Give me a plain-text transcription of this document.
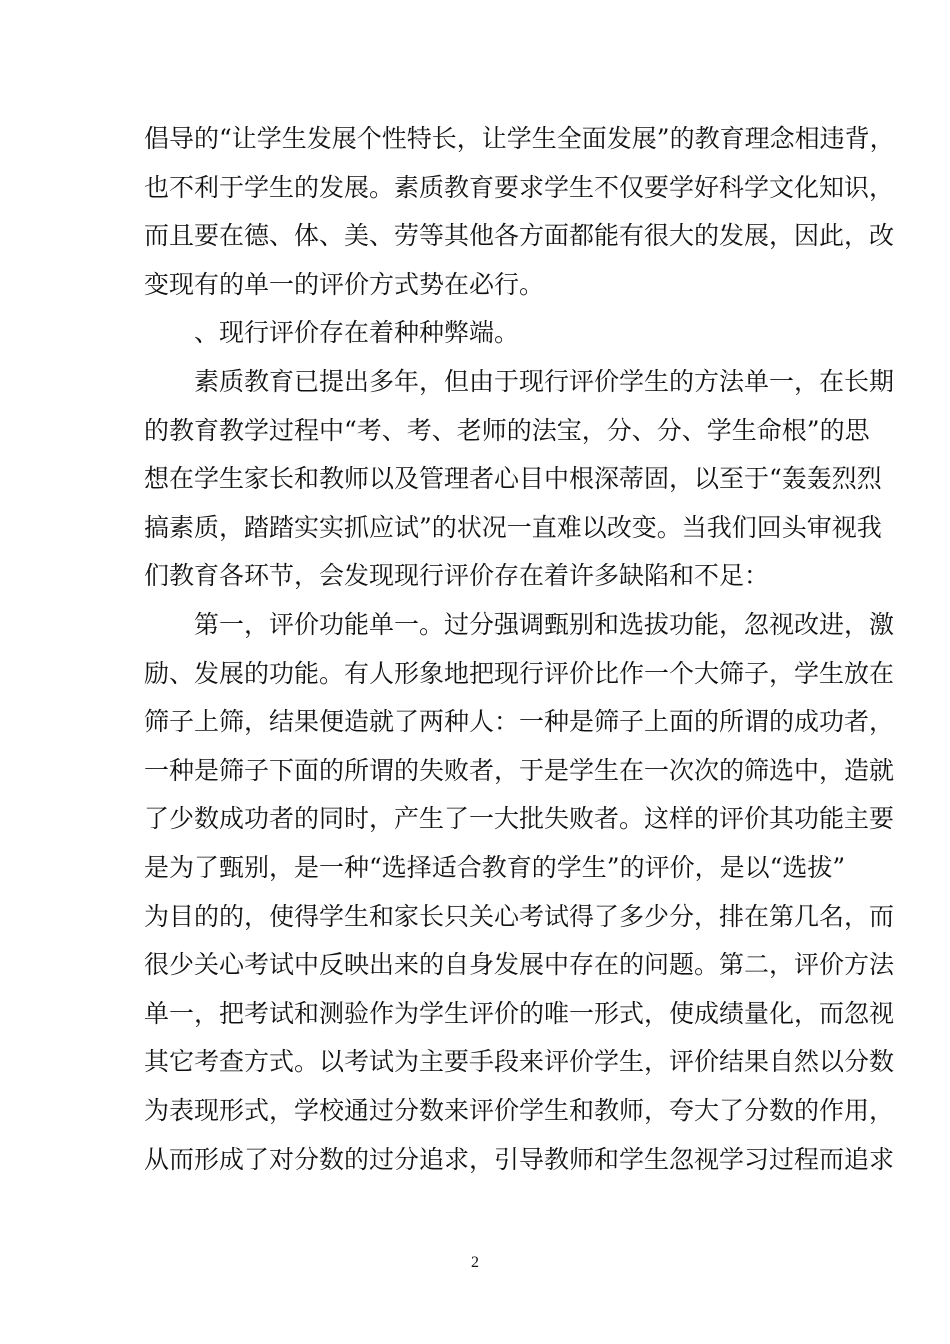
倡导的“让学生发展个性特长，让学生全面发展”的教育理念相违背，
也不利于学生的发展。素质教育要求学生不仅要学好科学文化知识，
而且要在德、体、美、劳等其他各方面都能有很大的发展，因此，改
变现有的单一的评价方式势在必行。
、现行评价存在着种种弊端。
素质教育已提出多年，但由于现行评价学生的方法单一，在长期
的教育教学过程中“考、考、老师的法宝，分、分、学生命根”的思
想在学生家长和教师以及管理者心目中根深蒂固，以至于“轰轰烈烈
搞素质，踏踏实实抓应试”的状况一直难以改变。当我们回头审视我
们教育各环节，会发现现行评价存在着许多缺陷和不足：
第一，评价功能单一。过分强调甄别和选拔功能，忽视改进，激
励、发展的功能。有人形象地把现行评价比作一个大筛子，学生放在
筛子上筛，结果便造就了两种人：一种是筛子上面的所谓的成功者，
一种是筛子下面的所谓的失败者，于是学生在一次次的筛选中，造就
了少数成功者的同时，产生了一大批失败者。这样的评价其功能主要
是为了甄别，是一种“选择适合教育的学生”的评价，是以“选拔”
为目的的，使得学生和家长只关心考试得了多少分，排在第几名，而
很少关心考试中反映出来的自身发展中存在的问题。第二，评价方法
单一，把考试和测验作为学生评价的唯一形式，使成绩量化，而忽视
其它考查方式。以考试为主要手段来评价学生，评价结果自然以分数
为表现形式，学校通过分数来评价学生和教师，夸大了分数的作用，
2
从而形成了对分数的过分追求，引导教师和学生忽视学习过程而追求
